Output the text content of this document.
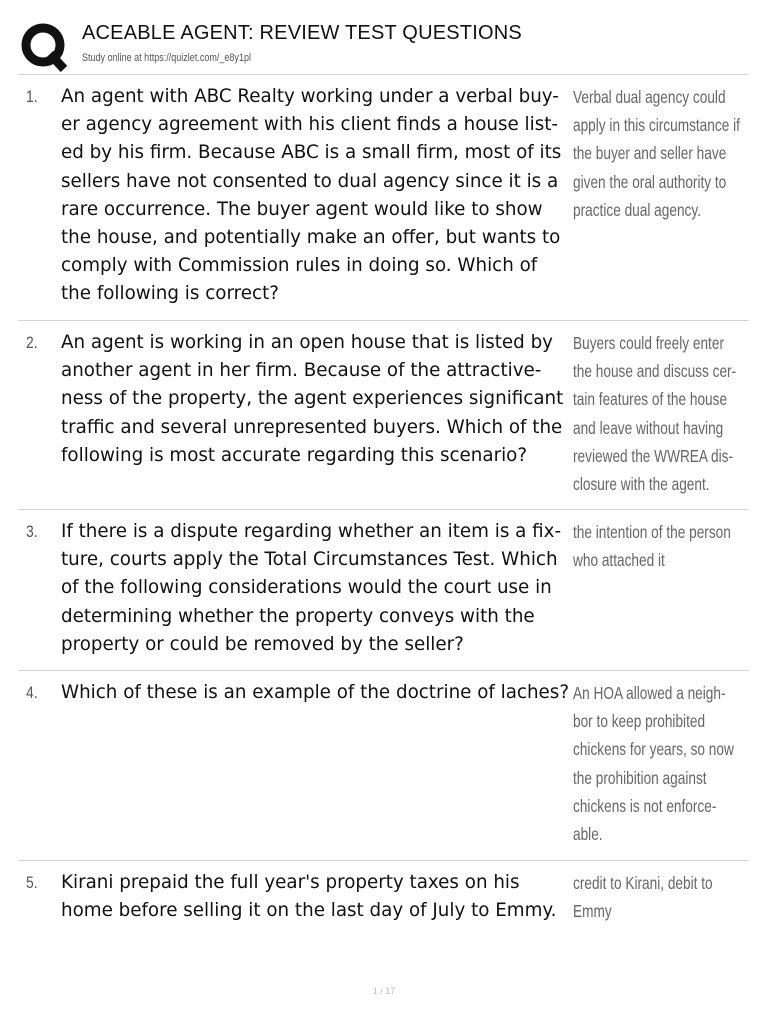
ACEABLE AGENT: REVIEW TEST QUESTIONS
Study online at https://quizlet.com/_e8y1pl
1. An agent with ABC Realty working under a verbal buy-er agency agreement with his client finds a house list-ed by his firm. Because ABC is a small firm, most of its sellers have not consented to dual agency since it is a rare occurrence. The buyer agent would like to show the house, and potentially make an offer, but wants to comply with Commission rules in doing so. Which of the following is correct?

Verbal dual agency could apply in this circumstance if the buyer and seller have given the oral authority to practice dual agency.

2. An agent is working in an open house that is listed by another agent in her firm. Because of the attractive-ness of the property, the agent experiences significant traffic and several unrepresented buyers. Which of the following is most accurate regarding this scenario?

Buyers could freely enter the house and discuss cer-tain features of the house and leave without having reviewed the WWREA dis-closure with the agent.

3. If there is a dispute regarding whether an item is a fix-ture, courts apply the Total Circumstances Test. Which of the following considerations would the court use in determining whether the property conveys with the property or could be removed by the seller?

the intention of the person who attached it

4. Which of these is an example of the doctrine of laches? An HOA allowed a neigh-bor to keep prohibited chickens for years, so now the prohibition against chickens is not enforce-able.

5. Kirani prepaid the full year's property taxes on his home before selling it on the last day of July to Emmy.

credit to Kirani, debit to Emmy

1 / 17
